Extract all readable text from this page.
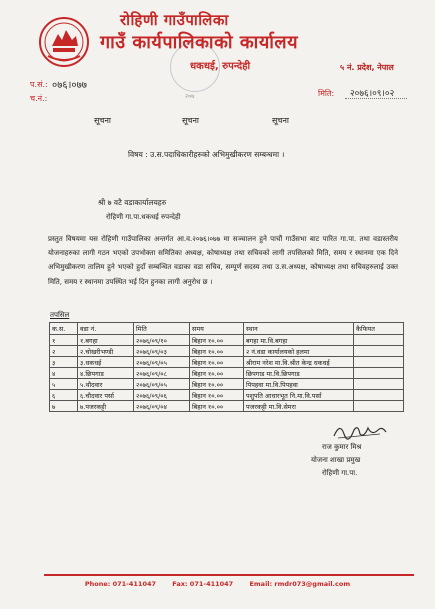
रोहिणी गाउँपालिका
गाउँ कार्यपालिकाको कार्यालय
धकधई, रुपन्देही
२०७
५ नं. प्रदेश, नेपाल
प.सं.: ०७६।०७७
च.नं.:
मिति: २०७६।०९।०२
सूचना	सूचना	सूचना
विषय : उ.स.पदाधिकारीहरुको अभिमुखीकरण सम्बन्धमा ।
श्री ७ वटै वडाकार्यालयहरु
रोहिणी गा.पा.धकधई रुपन्देही
प्रस्तुत विषयमा यस रोहिणी गाउँपालिका अन्तर्गत आ.व.२०७६।०७७ मा सञ्चालन हुने पाचौं गाउँसभा बाट पारित गा.पा. तथा वडास्तरीय योजनाहरुका लागी गठन भएको उपभोक्ता समितिका अध्यक्ष, कोषाध्यक्ष तथा सचिवको लागी तपसिलको मिति, समय र स्थानमा एक दिने अभिमुखीकरण तालिम हुने भएको हुदाँ सम्बन्धित वडाका वडा सचिव, सम्पूर्ण सदस्य तथा उ.स.अध्यक्ष, कोषाध्यक्ष तथा सचिवहरुलाई उक्त मिति, समय र स्थानमा उपस्थित भई दिन हुनका लागी अनुरोध छ ।
तपसिल
क.स.	वडा नं.	मिति	समय	स्थान	कैफियत
१	१.बगहा	२०७६/०९/१०	बिहान १०.००	बगहा मा.वि.बगहा	
२	२.चोखरीभण्डी	२०७६/०९/०३	बिहान १०.००	२ नं.वडा कार्यालयको हलमा	
३	३.धकधई	२०७६/०९/०५	बिहान १०.००	श्रीराम नरेश मा.वि.श्रीत केन्द्र धकधई	
४	४.छिपगाड	२०७६/०९/०८	बिहान १०.००	छिपगाड मा.वि.छिपगाड	
५	५.थौदवार	२०७६/०९/०५	बिहान १०.००	पिपहवा मा.वि.पिपहवा	
६	६.चौदवार पर्सा	२०७६/०९/०६	बिहान १०.००	पशुपति आधारभूत नि.मा.वि.पर्सा	
७	७.पजरकट्टी	२०७६/०९/०४	बिहान १०.००	पजरकट्टी मा.वि.सेमरा	
राज कुमार मिश्र
योजना शाखा प्रमुख
रोहिणी गा.पा.
Phone: 071-411047	Fax: 071-411047	Email: rmdr073@gmail.com
